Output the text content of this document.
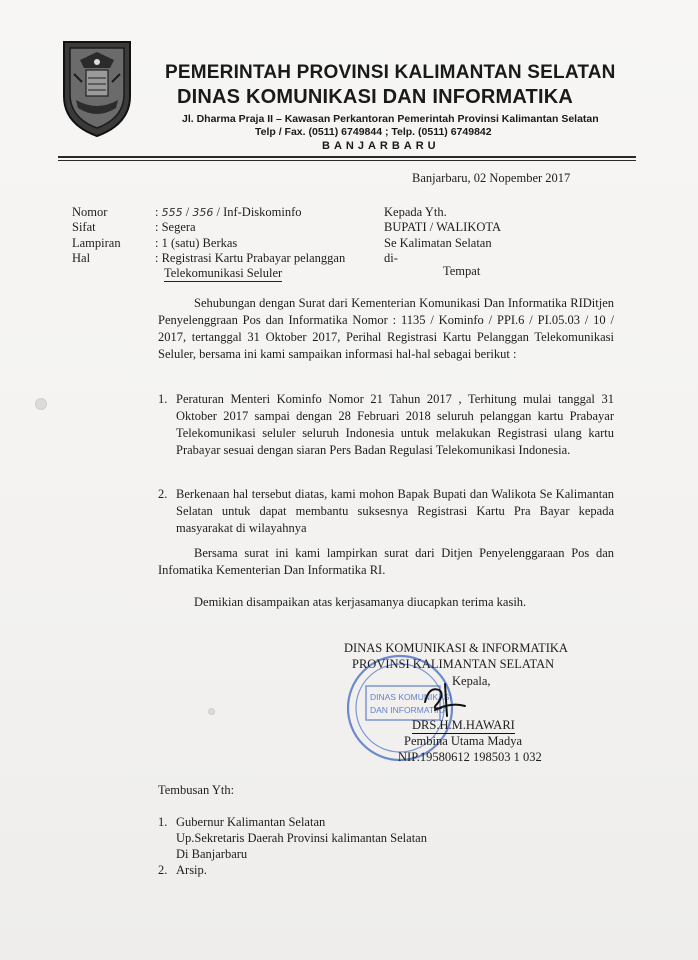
PEMERINTAH PROVINSI KALIMANTAN SELATAN
DINAS KOMUNIKASI DAN INFORMATIKA
Jl. Dharma Praja II – Kawasan Perkantoran Pemerintah Provinsi Kalimantan Selatan
Telp / Fax. (0511) 6749844 ; Telp. (0511) 6749842
BANJARBARU
Banjarbaru, 02 Nopember 2017
Nomor	: 555 / 356 / Inf-Diskominfo
Sifat	: Segera
Lampiran	: 1 (satu) Berkas
Hal	: Registrasi Kartu Prabayar pelanggan
Telekomunikasi Seluler
Kepada Yth.
BUPATI / WALIKOTA
Se Kalimatan Selatan
di-
Tempat
Sehubungan dengan Surat dari Kementerian Komunikasi Dan Informatika RIDitjen Penyelenggraan Pos dan Informatika Nomor : 1135 / Kominfo / PPI.6 / PI.05.03 / 10 / 2017, tertanggal 31 Oktober 2017, Perihal Registrasi Kartu Pelanggan Telekomunikasi Seluler, bersama ini kami sampaikan informasi hal-hal sebagai berikut :
1. Peraturan Menteri Kominfo Nomor 21 Tahun 2017 , Terhitung mulai tanggal 31 Oktober 2017 sampai dengan 28 Februari 2018 seluruh pelanggan kartu Prabayar Telekomunikasi seluler seluruh Indonesia untuk melakukan Registrasi ulang kartu Prabayar sesuai dengan siaran Pers Badan Regulasi Telekomunikasi Indonesia.
2. Berkenaan hal tersebut diatas, kami mohon Bapak Bupati dan Walikota Se Kalimantan Selatan untuk dapat membantu suksesnya Registrasi Kartu Pra Bayar kepada masyarakat di wilayahnya
Bersama surat ini kami lampirkan surat dari Ditjen Penyelenggaraan Pos dan Infomatika Kementerian Dan Informatika RI.
Demikian disampaikan atas kerjasamanya diucapkan terima kasih.
DINAS KOMUNIKASI
DAN INFORMATIKA
DINAS KOMUNIKASI & INFORMATIKA
PROVINSI KALIMANTAN SELATAN
Kepala,
DRS.H.M.HAWARI
Pembina Utama Madya
NIP.19580612 198503 1 032
Tembusan Yth:
1. Gubernur Kalimantan Selatan
Up.Sekretaris Daerah Provinsi kalimantan Selatan
Di Banjarbaru
2. Arsip.
